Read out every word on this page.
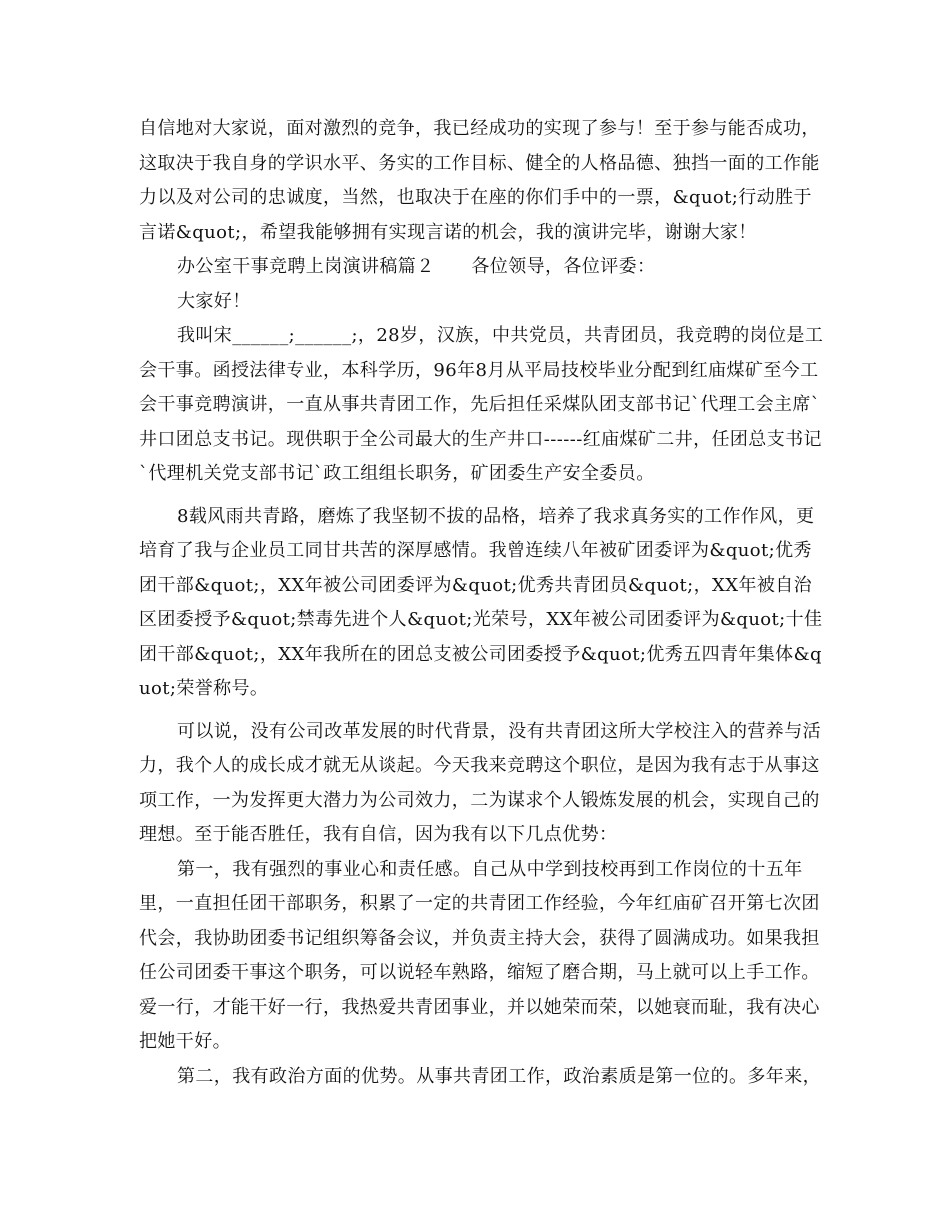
自信地对大家说，面对激烈的竞争，我已经成功的实现了参与！至于参与能否成功，这取决于我自身的学识水平、务实的工作目标、健全的人格品德、独挡一面的工作能力以及对公司的忠诚度，当然，也取决于在座的你们手中的一票，&quot;行动胜于言诺&quot;，希望我能够拥有实现言诺的机会，我的演讲完毕，谢谢大家！

办公室干事竞聘上岗演讲稿篇２　　各位领导，各位评委：

大家好！

我叫宋______;______;，28岁，汉族，中共党员，共青团员，我竞聘的岗位是工会干事。函授法律专业，本科学历，96年8月从平局技校毕业分配到红庙煤矿至今工会干事竞聘演讲，一直从事共青团工作，先后担任采煤队团支部书记`代理工会主席`井口团总支书记。现供职于全公司最大的生产井口------红庙煤矿二井，任团总支书记`代理机关党支部书记`政工组组长职务，矿团委生产安全委员。

8载风雨共青路，磨炼了我坚韧不拔的品格，培养了我求真务实的工作作风，更培育了我与企业员工同甘共苦的深厚感情。我曾连续八年被矿团委评为&quot;优秀团干部&quot;，XX年被公司团委评为&quot;优秀共青团员&quot;，XX年被自治区团委授予&quot;禁毒先进个人&quot;光荣号，XX年被公司团委评为&quot;十佳团干部&quot;，XX年我所在的团总支被公司团委授予&quot;优秀五四青年集体&quot;荣誉称号。

可以说，没有公司改革发展的时代背景，没有共青团这所大学校注入的营养与活力，我个人的成长成才就无从谈起。今天我来竞聘这个职位，是因为我有志于从事这项工作，一为发挥更大潜力为公司效力，二为谋求个人锻炼发展的机会，实现自己的理想。至于能否胜任，我有自信，因为我有以下几点优势：

第一，我有强烈的事业心和责任感。自己从中学到技校再到工作岗位的十五年里，一直担任团干部职务，积累了一定的共青团工作经验，今年红庙矿召开第七次团代会，我协助团委书记组织筹备会议，并负责主持大会，获得了圆满成功。如果我担任公司团委干事这个职务，可以说轻车熟路，缩短了磨合期，马上就可以上手工作。爱一行，才能干好一行，我热爱共青团事业，并以她荣而荣，以她衰而耻，我有决心把她干好。

第二，我有政治方面的优势。从事共青团工作，政治素质是第一位的。多年来，
